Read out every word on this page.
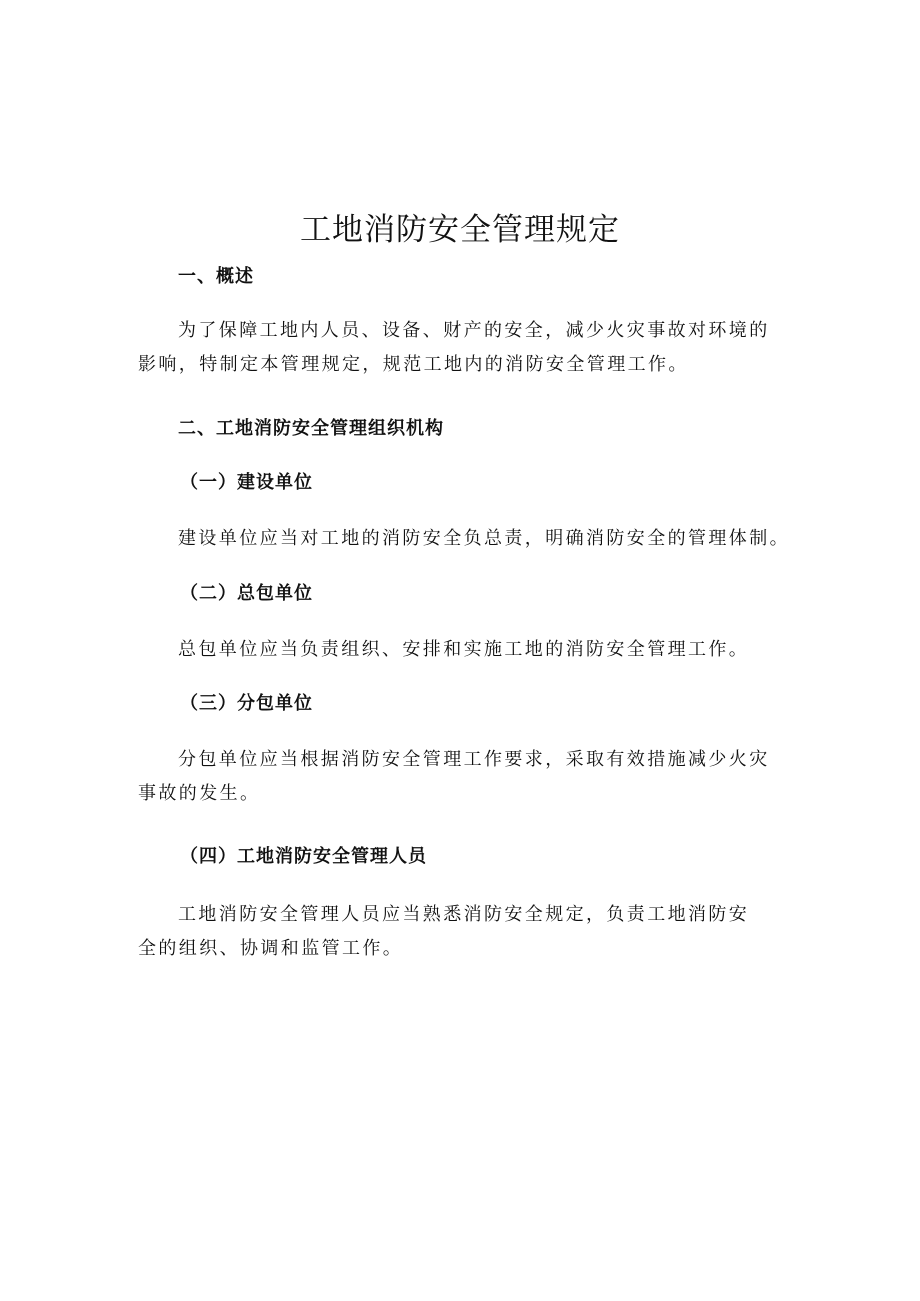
工地消防安全管理规定
一、概述

为了保障工地内人员、设备、财产的安全，减少火灾事故对环境的影响，特制定本管理规定，规范工地内的消防安全管理工作。

二、工地消防安全管理组织机构
（一）建设单位

建设单位应当对工地的消防安全负总责，明确消防安全的管理体制。

（二）总包单位

总包单位应当负责组织、安排和实施工地的消防安全管理工作。

（三）分包单位

分包单位应当根据消防安全管理工作要求，采取有效措施减少火灾事故的发生。

（四）工地消防安全管理人员

工地消防安全管理人员应当熟悉消防安全规定，负责工地消防安全的组织、协调和监管工作。
